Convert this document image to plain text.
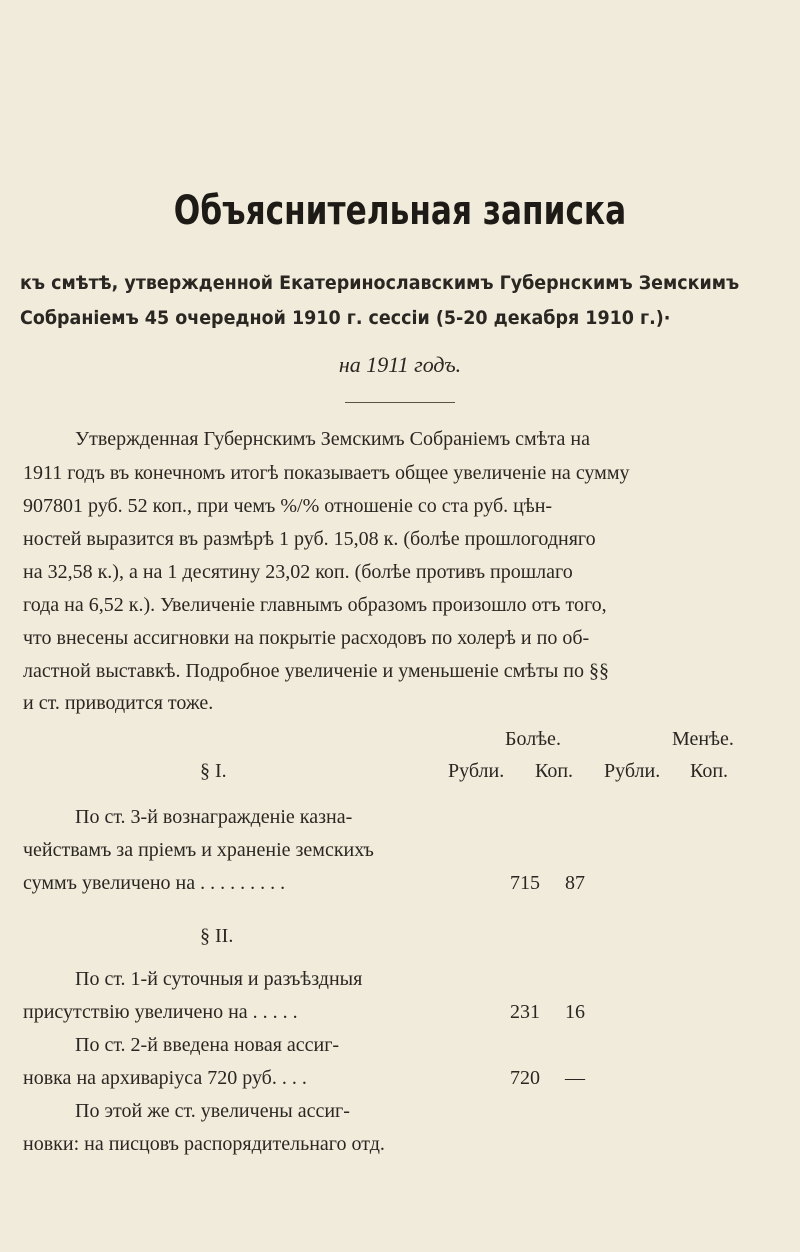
Объяснительная записка
къ смѣтѣ, утвержденной Екатеринославскимъ Губернскимъ Земскимъ
Собраніемъ 45 очередной 1910 г. сессіи (5-20 декабря 1910 г.)·
на 1911 годъ.
Утвержденная Губернскимъ Земскимъ Собраніемъ смѣта на
1911 годъ въ конечномъ итогѣ показываетъ общее увеличеніе на сумму
907801 руб. 52 коп., при чемъ %/% отношеніе со ста руб. цѣн-
ностей выразится въ размѣрѣ 1 руб. 15,08 к. (болѣе прошлогодняго
на 32,58 к.), а на 1 десятину 23,02 коп. (болѣе противъ прошлаго
года на 6,52 к.). Увеличеніе главнымъ образомъ произошло отъ того,
что внесены ассигновки на покрытіе расходовъ по холерѣ и по об-
ластной выставкѣ. Подробное увеличеніе и уменьшеніе смѣты по §§
и ст. приводится тоже.
Болѣе.	Менѣе.
§ I.	Рубли. Коп. Рубли. Коп.
По ст. 3-й вознагражденіе казна-
чействамъ за пріемъ и храненіе земскихъ
суммъ увеличено на . . . . . . . . .	715 87
§ II.
По ст. 1-й суточныя и разъѣздныя
присутствію увеличено на . . . . .	231 16
По ст. 2-й введена новая ассиг-
новка на архиваріуса 720 руб. . . .	720 —
По этой же ст. увеличены ассиг-
новки: на писцовъ распорядительнаго отд.
